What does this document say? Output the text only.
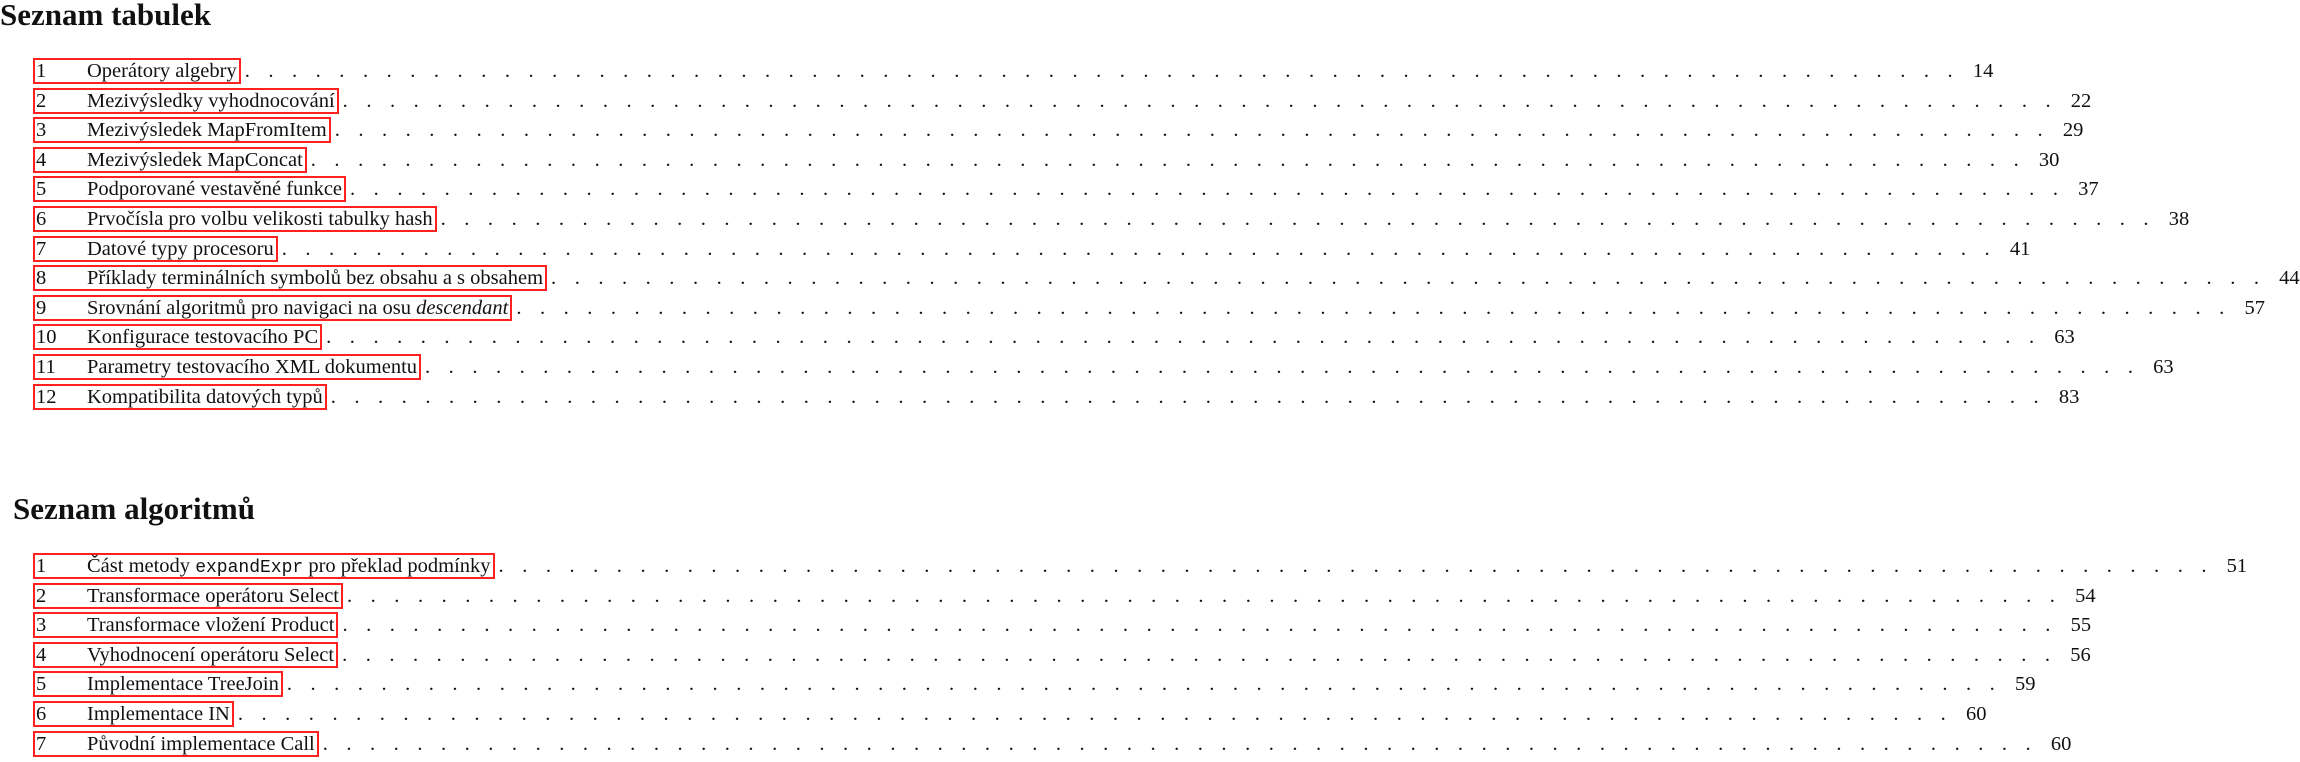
Seznam tabulek
1	Operátory algebry . . . . . . . . . . . . . . . . . . . . . . . . . . . . . . . . . . . . . . . . . . . . . . . . . . . . . . . . . . . . . . . . . . . . . . . . . 14
2	Mezivýsledky vyhodnocování . . . . . . . . . . . . . . . . . . . . . . . . . . . . . . . . . . . . . . . . . . . . . . . . . . . . . . . . . . . . . . . . . . . . . . . . . 22
3	Mezivýsledek MapFromItem . . . . . . . . . . . . . . . . . . . . . . . . . . . . . . . . . . . . . . . . . . . . . . . . . . . . . . . . . . . . . . . . . . . . . . . . . 29
4	Mezivýsledek MapConcat . . . . . . . . . . . . . . . . . . . . . . . . . . . . . . . . . . . . . . . . . . . . . . . . . . . . . . . . . . . . . . . . . . . . . . . . . 30
5	Podporované vestavěné funkce . . . . . . . . . . . . . . . . . . . . . . . . . . . . . . . . . . . . . . . . . . . . . . . . . . . . . . . . . . . . . . . . . . . . . . . . . 37
6	Prvočísla pro volbu velikosti tabulky hash . . . . . . . . . . . . . . . . . . . . . . . . . . . . . . . . . . . . . . . . . . . . . . . . . . . . . . . . . . . . . . . . . . . . . . . . . 38
7	Datové typy procesoru . . . . . . . . . . . . . . . . . . . . . . . . . . . . . . . . . . . . . . . . . . . . . . . . . . . . . . . . . . . . . . . . . . . . . . . . . 41
8	Příklady terminálních symbolů bez obsahu a s obsahem . . . . . . . . . . . . . . . . . . . . . . . . . . . . . . . . . . . . . . . . . . . . . . . . . . . . . . . . . . . . . . . . . . . . . . . . . 44
9	Srovnání algoritmů pro navigaci na osu descendant . . . . . . . . . . . . . . . . . . . . . . . . . . . . . . . . . . . . . . . . . . . . . . . . . . . . . . . . . . . . . . . . . . . . . . . . . 57
10	Konfigurace testovacího PC . . . . . . . . . . . . . . . . . . . . . . . . . . . . . . . . . . . . . . . . . . . . . . . . . . . . . . . . . . . . . . . . . . . . . . . . . 63
11	Parametry testovacího XML dokumentu . . . . . . . . . . . . . . . . . . . . . . . . . . . . . . . . . . . . . . . . . . . . . . . . . . . . . . . . . . . . . . . . . . . . . . . . . 63
12	Kompatibilita datových typů . . . . . . . . . . . . . . . . . . . . . . . . . . . . . . . . . . . . . . . . . . . . . . . . . . . . . . . . . . . . . . . . . . . . . . . . . 83
Seznam algoritmů
1	Část metody expandExpr pro překlad podmínky . . . . . . . . . . . . . . . . . . . . . . . . . . . . . . . . . . . . . . . . . . . . . . . . . . . . . . . . . . . . . . . . . . . . . . . . . 51
2	Transformace operátoru Select . . . . . . . . . . . . . . . . . . . . . . . . . . . . . . . . . . . . . . . . . . . . . . . . . . . . . . . . . . . . . . . . . . . . . . . . . 54
3	Transformace vložení Product . . . . . . . . . . . . . . . . . . . . . . . . . . . . . . . . . . . . . . . . . . . . . . . . . . . . . . . . . . . . . . . . . . . . . . . . . 55
4	Vyhodnocení operátoru Select . . . . . . . . . . . . . . . . . . . . . . . . . . . . . . . . . . . . . . . . . . . . . . . . . . . . . . . . . . . . . . . . . . . . . . . . . 56
5	Implementace TreeJoin . . . . . . . . . . . . . . . . . . . . . . . . . . . . . . . . . . . . . . . . . . . . . . . . . . . . . . . . . . . . . . . . . . . . . . . . . 59
6	Implementace IN . . . . . . . . . . . . . . . . . . . . . . . . . . . . . . . . . . . . . . . . . . . . . . . . . . . . . . . . . . . . . . . . . . . . . . . . . 60
7	Původní implementace Call . . . . . . . . . . . . . . . . . . . . . . . . . . . . . . . . . . . . . . . . . . . . . . . . . . . . . . . . . . . . . . . . . . . . . . . . . 60
